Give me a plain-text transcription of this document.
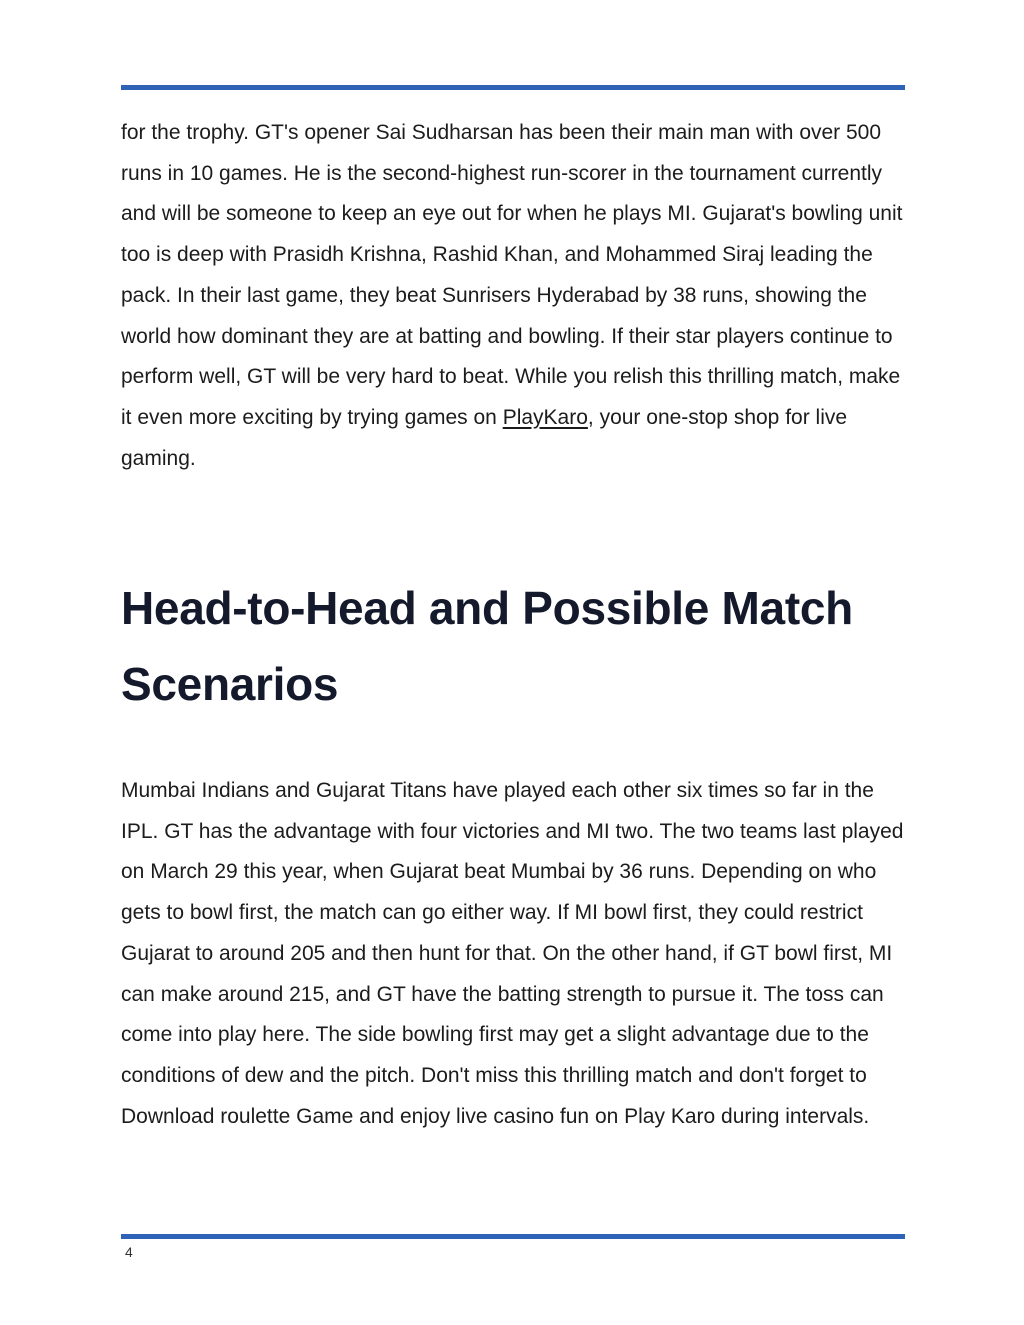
for the trophy. GT's opener Sai Sudharsan has been their main man with over 500 runs in 10 games. He is the second-highest run-scorer in the tournament currently and will be someone to keep an eye out for when he plays MI. Gujarat's bowling unit too is deep with Prasidh Krishna, Rashid Khan, and Mohammed Siraj leading the pack. In their last game, they beat Sunrisers Hyderabad by 38 runs, showing the world how dominant they are at batting and bowling. If their star players continue to perform well, GT will be very hard to beat. While you relish this thrilling match, make it even more exciting by trying games on PlayKaro, your one-stop shop for live gaming.

Head-to-Head and Possible Match Scenarios

Mumbai Indians and Gujarat Titans have played each other six times so far in the IPL. GT has the advantage with four victories and MI two. The two teams last played on March 29 this year, when Gujarat beat Mumbai by 36 runs. Depending on who gets to bowl first, the match can go either way. If MI bowl first, they could restrict Gujarat to around 205 and then hunt for that. On the other hand, if GT bowl first, MI can make around 215, and GT have the batting strength to pursue it. The toss can come into play here. The side bowling first may get a slight advantage due to the conditions of dew and the pitch. Don't miss this thrilling match and don't forget to Download roulette Game and enjoy live casino fun on Play Karo during intervals.

4
